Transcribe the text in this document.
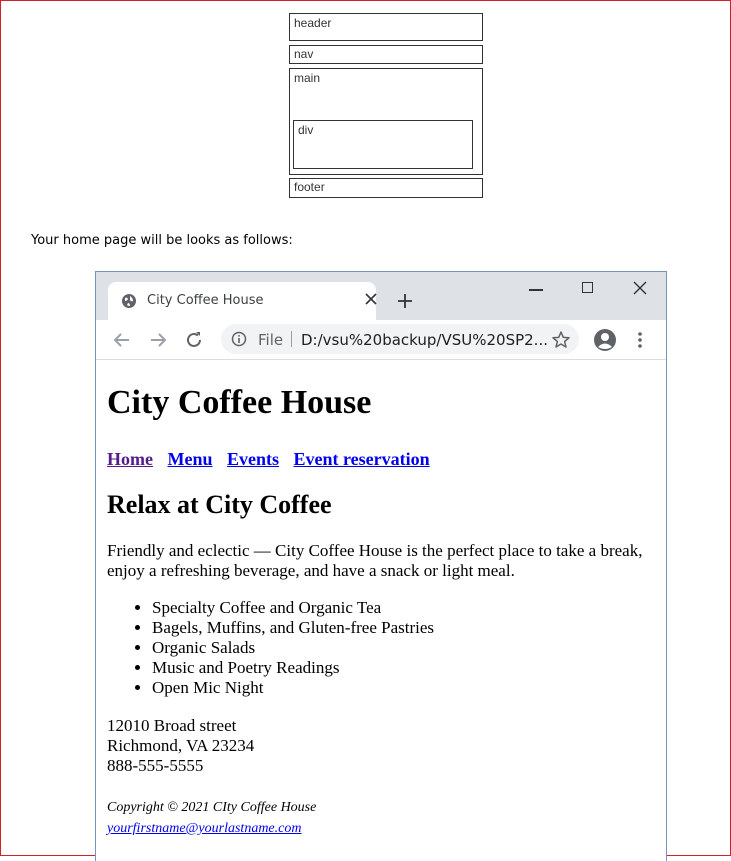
header
nav
main
div
footer
Your home page will be looks as follows:
City Coffee House
File D:/vsu%20backup/VSU%20SP2...
City Coffee House
Home Menu Events Event reservation
Relax at City Coffee

Friendly and eclectic — City Coffee House is the perfect place to take a break, enjoy a refreshing beverage, and have a snack or light meal.

• Specialty Coffee and Organic Tea
• Bagels, Muffins, and Gluten-free Pastries
• Organic Salads
• Music and Poetry Readings
• Open Mic Night
12010 Broad street
Richmond, VA 23234
888-555-5555
Copyright © 2021 CIty Coffee House
yourfirstname@yourlastname.com
